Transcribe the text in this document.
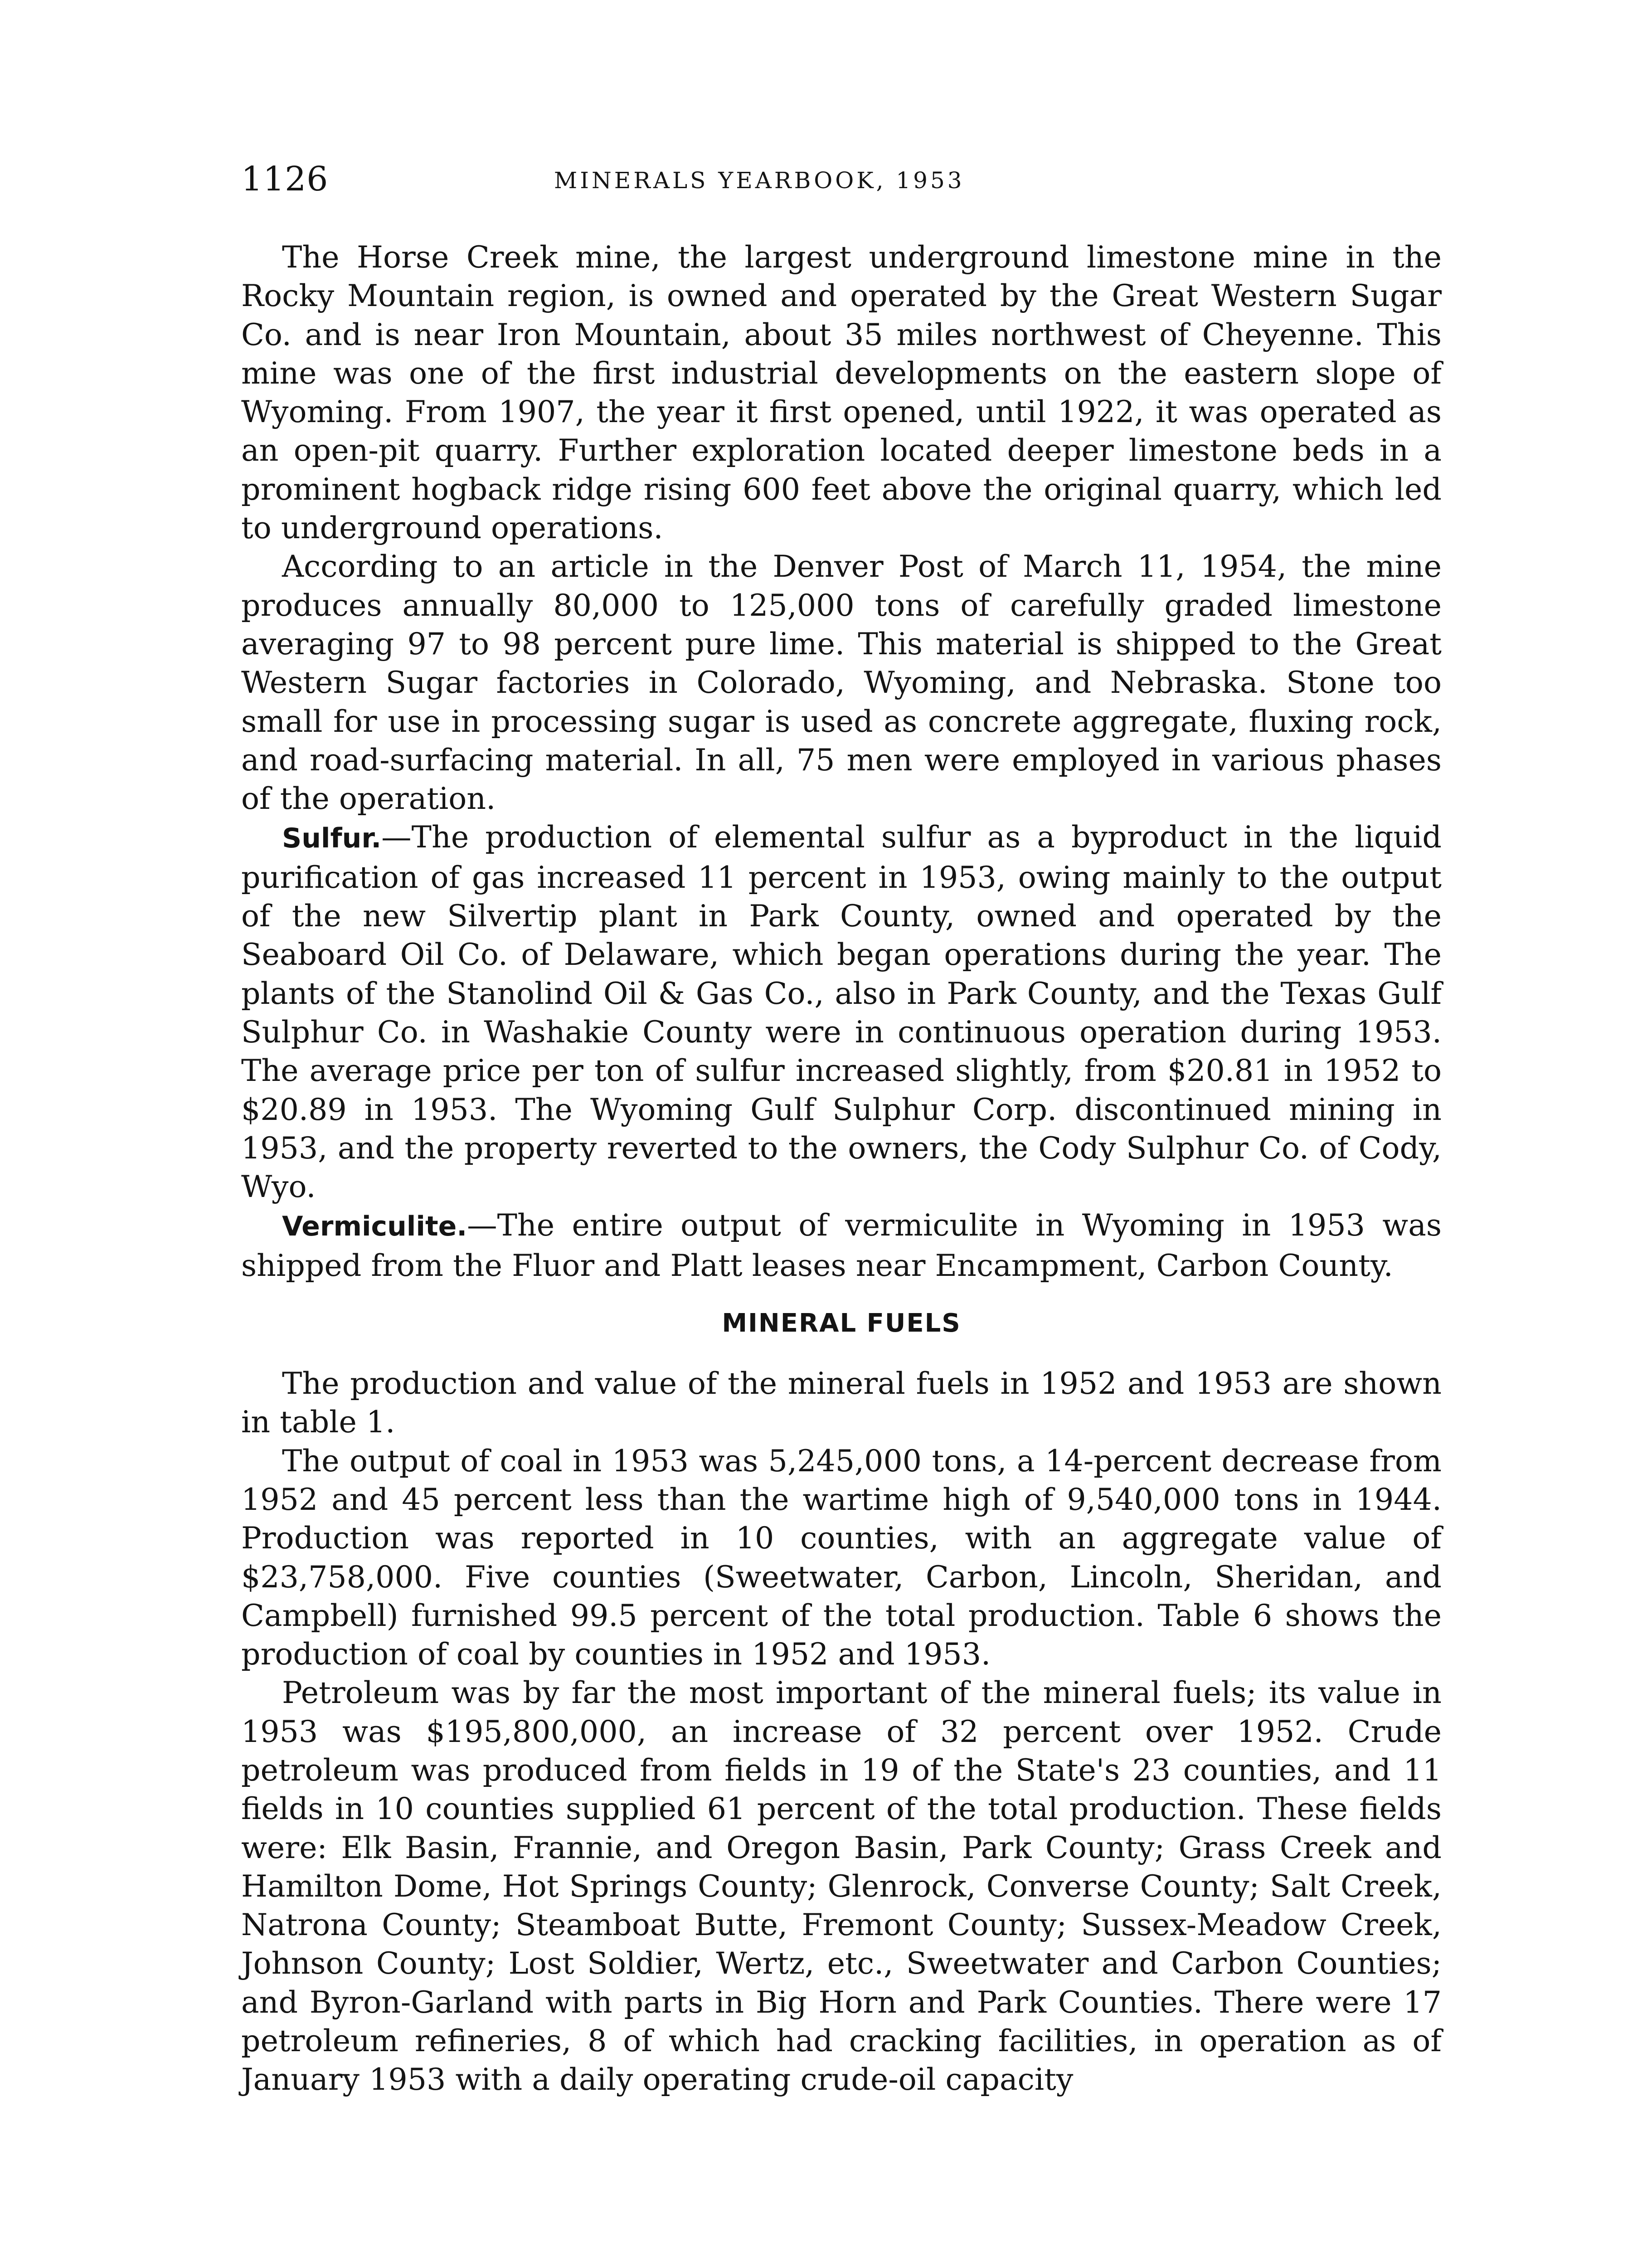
1126	MINERALS YEARBOOK, 1953

The Horse Creek mine, the largest underground limestone mine in the Rocky Mountain region, is owned and operated by the Great Western Sugar Co. and is near Iron Mountain, about 35 miles northwest of Cheyenne. This mine was one of the first industrial developments on the eastern slope of Wyoming. From 1907, the year it first opened, until 1922, it was operated as an open-pit quarry. Further exploration located deeper limestone beds in a prominent hogback ridge rising 600 feet above the original quarry, which led to underground operations.

According to an article in the Denver Post of March 11, 1954, the mine produces annually 80,000 to 125,000 tons of carefully graded limestone averaging 97 to 98 percent pure lime. This material is shipped to the Great Western Sugar factories in Colorado, Wyoming, and Nebraska. Stone too small for use in processing sugar is used as concrete aggregate, fluxing rock, and road-surfacing material. In all, 75 men were employed in various phases of the operation.

Sulfur.—The production of elemental sulfur as a byproduct in the liquid purification of gas increased 11 percent in 1953, owing mainly to the output of the new Silvertip plant in Park County, owned and operated by the Seaboard Oil Co. of Delaware, which began operations during the year. The plants of the Stanolind Oil & Gas Co., also in Park County, and the Texas Gulf Sulphur Co. in Washakie County were in continuous operation during 1953. The average price per ton of sulfur increased slightly, from $20.81 in 1952 to $20.89 in 1953. The Wyoming Gulf Sulphur Corp. discontinued mining in 1953, and the property reverted to the owners, the Cody Sulphur Co. of Cody, Wyo.

Vermiculite.—The entire output of vermiculite in Wyoming in 1953 was shipped from the Fluor and Platt leases near Encampment, Carbon County.

MINERAL FUELS

The production and value of the mineral fuels in 1952 and 1953 are shown in table 1.

The output of coal in 1953 was 5,245,000 tons, a 14-percent decrease from 1952 and 45 percent less than the wartime high of 9,540,000 tons in 1944. Production was reported in 10 counties, with an aggregate value of $23,758,000. Five counties (Sweetwater, Carbon, Lincoln, Sheridan, and Campbell) furnished 99.5 percent of the total production. Table 6 shows the production of coal by counties in 1952 and 1953.

Petroleum was by far the most important of the mineral fuels; its value in 1953 was $195,800,000, an increase of 32 percent over 1952. Crude petroleum was produced from fields in 19 of the State's 23 counties, and 11 fields in 10 counties supplied 61 percent of the total production. These fields were: Elk Basin, Frannie, and Oregon Basin, Park County; Grass Creek and Hamilton Dome, Hot Springs County; Glenrock, Converse County; Salt Creek, Natrona County; Steamboat Butte, Fremont County; Sussex-Meadow Creek, Johnson County; Lost Soldier, Wertz, etc., Sweetwater and Carbon Counties; and Byron-Garland with parts in Big Horn and Park Counties. There were 17 petroleum refineries, 8 of which had cracking facilities, in operation as of January 1953 with a daily operating crude-oil capacity
